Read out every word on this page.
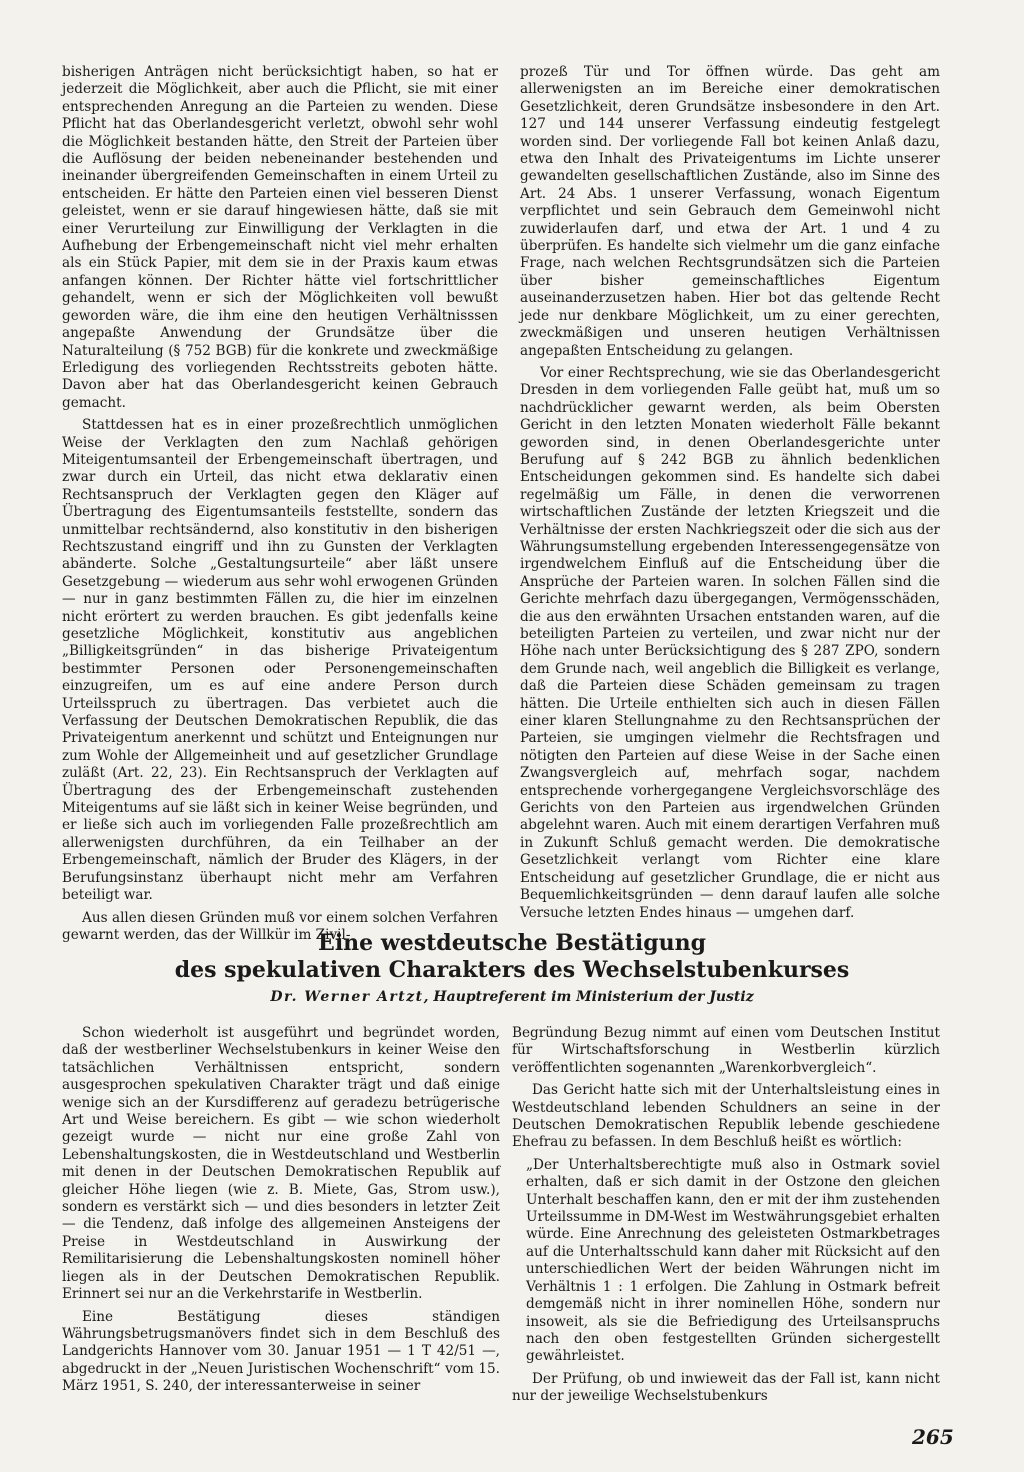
bisherigen Anträgen nicht berücksichtigt haben, so hat er jederzeit die Möglichkeit, aber auch die Pflicht, sie mit einer entsprechenden Anregung an die Parteien zu wenden. Diese Pflicht hat das Oberlandesgericht verletzt, obwohl sehr wohl die Möglichkeit bestanden hätte, den Streit der Parteien über die Auflösung der beiden nebeneinander bestehenden und ineinander übergreifenden Gemeinschaften in einem Urteil zu entscheiden. Er hätte den Parteien einen viel besseren Dienst geleistet, wenn er sie darauf hingewiesen hätte, daß sie mit einer Verurteilung zur Einwilligung der Verklagten in die Aufhebung der Erbengemeinschaft nicht viel mehr erhalten als ein Stück Papier, mit dem sie in der Praxis kaum etwas anfangen können. Der Richter hätte viel fortschrittlicher gehandelt, wenn er sich der Möglichkeiten voll bewußt geworden wäre, die ihm eine den heutigen Verhältnisssen angepaßte Anwendung der Grundsätze über die Naturalteilung (§ 752 BGB) für die konkrete und zweckmäßige Erledigung des vorliegenden Rechtsstreits geboten hätte. Davon aber hat das Oberlandesgericht keinen Gebrauch gemacht.

Stattdessen hat es in einer prozeßrechtlich unmöglichen Weise der Verklagten den zum Nachlaß gehörigen Miteigentumsanteil der Erbengemeinschaft übertragen, und zwar durch ein Urteil, das nicht etwa deklarativ einen Rechtsanspruch der Verklagten gegen den Kläger auf Übertragung des Eigentumsanteils feststellte, sondern das unmittelbar rechtsändernd, also konstitutiv in den bisherigen Rechtszustand eingriff und ihn zu Gunsten der Verklagten abänderte. Solche „Gestaltungsurteile“ aber läßt unsere Gesetzgebung — wiederum aus sehr wohl erwogenen Gründen — nur in ganz bestimmten Fällen zu, die hier im einzelnen nicht erörtert zu werden brauchen. Es gibt jedenfalls keine gesetzliche Möglichkeit, konstitutiv aus angeblichen „Billigkeitsgründen“ in das bisherige Privateigentum bestimmter Personen oder Personengemeinschaften einzugreifen, um es auf eine andere Person durch Urteilsspruch zu übertragen. Das verbietet auch die Verfassung der Deutschen Demokratischen Republik, die das Privateigentum anerkennt und schützt und Enteignungen nur zum Wohle der Allgemeinheit und auf gesetzlicher Grundlage zuläßt (Art. 22, 23). Ein Rechtsanspruch der Verklagten auf Übertragung des der Erbengemeinschaft zustehenden Miteigentums auf sie läßt sich in keiner Weise begründen, und er ließe sich auch im vorliegenden Falle prozeßrechtlich am allerwenigsten durchführen, da ein Teilhaber an der Erbengemeinschaft, nämlich der Bruder des Klägers, in der Berufungsinstanz überhaupt nicht mehr am Verfahren beteiligt war.

Aus allen diesen Gründen muß vor einem solchen Verfahren gewarnt werden, das der Willkür im Zivil-

prozeß Tür und Tor öffnen würde. Das geht am allerwenigsten an im Bereiche einer demokratischen Gesetzlichkeit, deren Grundsätze insbesondere in den Art. 127 und 144 unserer Verfassung eindeutig festgelegt worden sind. Der vorliegende Fall bot keinen Anlaß dazu, etwa den Inhalt des Privateigentums im Lichte unserer gewandelten gesellschaftlichen Zustände, also im Sinne des Art. 24 Abs. 1 unserer Verfassung, wonach Eigentum verpflichtet und sein Gebrauch dem Gemeinwohl nicht zuwiderlaufen darf, und etwa der Art. 1 und 4 zu überprüfen. Es handelte sich vielmehr um die ganz einfache Frage, nach welchen Rechtsgrundsätzen sich die Parteien über bisher gemeinschaftliches Eigentum auseinanderzusetzen haben. Hier bot das geltende Recht jede nur denkbare Möglichkeit, um zu einer gerechten, zweckmäßigen und unseren heutigen Verhältnissen angepaßten Entscheidung zu gelangen.

Vor einer Rechtsprechung, wie sie das Oberlandesgericht Dresden in dem vorliegenden Falle geübt hat, muß um so nachdrücklicher gewarnt werden, als beim Obersten Gericht in den letzten Monaten wiederholt Fälle bekannt geworden sind, in denen Oberlandesgerichte unter Berufung auf § 242 BGB zu ähnlich bedenklichen Entscheidungen gekommen sind. Es handelte sich dabei regelmäßig um Fälle, in denen die verworrenen wirtschaftlichen Zustände der letzten Kriegszeit und die Verhältnisse der ersten Nachkriegszeit oder die sich aus der Währungsumstellung ergebenden Interessengegensätze von irgendwelchem Einfluß auf die Entscheidung über die Ansprüche der Parteien waren. In solchen Fällen sind die Gerichte mehrfach dazu übergegangen, Vermögensschäden, die aus den erwähnten Ursachen entstanden waren, auf die beteiligten Parteien zu verteilen, und zwar nicht nur der Höhe nach unter Berücksichtigung des § 287 ZPO, sondern dem Grunde nach, weil angeblich die Billigkeit es verlange, daß die Parteien diese Schäden gemeinsam zu tragen hätten. Die Urteile enthielten sich auch in diesen Fällen einer klaren Stellungnahme zu den Rechtsansprüchen der Parteien, sie umgingen vielmehr die Rechtsfragen und nötigten den Parteien auf diese Weise in der Sache einen Zwangsvergleich auf, mehrfach sogar, nachdem entsprechende vorhergegangene Vergleichsvorschläge des Gerichts von den Parteien aus irgendwelchen Gründen abgelehnt waren. Auch mit einem derartigen Verfahren muß in Zukunft Schluß gemacht werden. Die demokratische Gesetzlichkeit verlangt vom Richter eine klare Entscheidung auf gesetzlicher Grundlage, die er nicht aus Bequemlichkeitsgründen — denn darauf laufen alle solche Versuche letzten Endes hinaus — umgehen darf.

Eine westdeutsche Bestätigung
des spekulativen Charakters des Wechselstubenkurses
Dr. Werner Artzt, Hauptreferent im Ministerium der Justiz

Schon wiederholt ist ausgeführt und begründet worden, daß der westberliner Wechselstubenkurs in keiner Weise den tatsächlichen Verhältnissen entspricht, sondern ausgesprochen spekulativen Charakter trägt und daß einige wenige sich an der Kursdifferenz auf geradezu betrügerische Art und Weise bereichern. Es gibt — wie schon wiederholt gezeigt wurde — nicht nur eine große Zahl von Lebenshaltungskosten, die in Westdeutschland und Westberlin mit denen in der Deutschen Demokratischen Republik auf gleicher Höhe liegen (wie z. B. Miete, Gas, Strom usw.), sondern es verstärkt sich — und dies besonders in letzter Zeit — die Tendenz, daß infolge des allgemeinen Ansteigens der Preise in Westdeutschland in Auswirkung der Remilitarisierung die Lebenshaltungskosten nominell höher liegen als in der Deutschen Demokratischen Republik. Erinnert sei nur an die Verkehrstarife in Westberlin.

Eine Bestätigung dieses ständigen Währungsbetrugsmanövers findet sich in dem Beschluß des Landgerichts Hannover vom 30. Januar 1951 — 1 T 42/51 —, abgedruckt in der „Neuen Juristischen Wochenschrift“ vom 15. März 1951, S. 240, der interessanterweise in seiner

Begründung Bezug nimmt auf einen vom Deutschen Institut für Wirtschaftsforschung in Westberlin kürzlich veröffentlichten sogenannten „Warenkorbvergleich“.

Das Gericht hatte sich mit der Unterhaltsleistung eines in Westdeutschland lebenden Schuldners an seine in der Deutschen Demokratischen Republik lebende geschiedene Ehefrau zu befassen. In dem Beschluß heißt es wörtlich:

„Der Unterhaltsberechtigte muß also in Ostmark soviel erhalten, daß er sich damit in der Ostzone den gleichen Unterhalt beschaffen kann, den er mit der ihm zustehenden Urteilssumme in DM-West im Westwährungsgebiet erhalten würde. Eine Anrechnung des geleisteten Ostmarkbetrages auf die Unterhaltsschuld kann daher mit Rücksicht auf den unterschiedlichen Wert der beiden Währungen nicht im Verhältnis 1 : 1 erfolgen. Die Zahlung in Ostmark befreit demgemäß nicht in ihrer nominellen Höhe, sondern nur insoweit, als sie die Befriedigung des Urteilsanspruchs nach den oben festgestellten Gründen sichergestellt gewährleistet.

Der Prüfung, ob und inwieweit das der Fall ist, kann nicht nur der jeweilige Wechselstubenkurs

265
